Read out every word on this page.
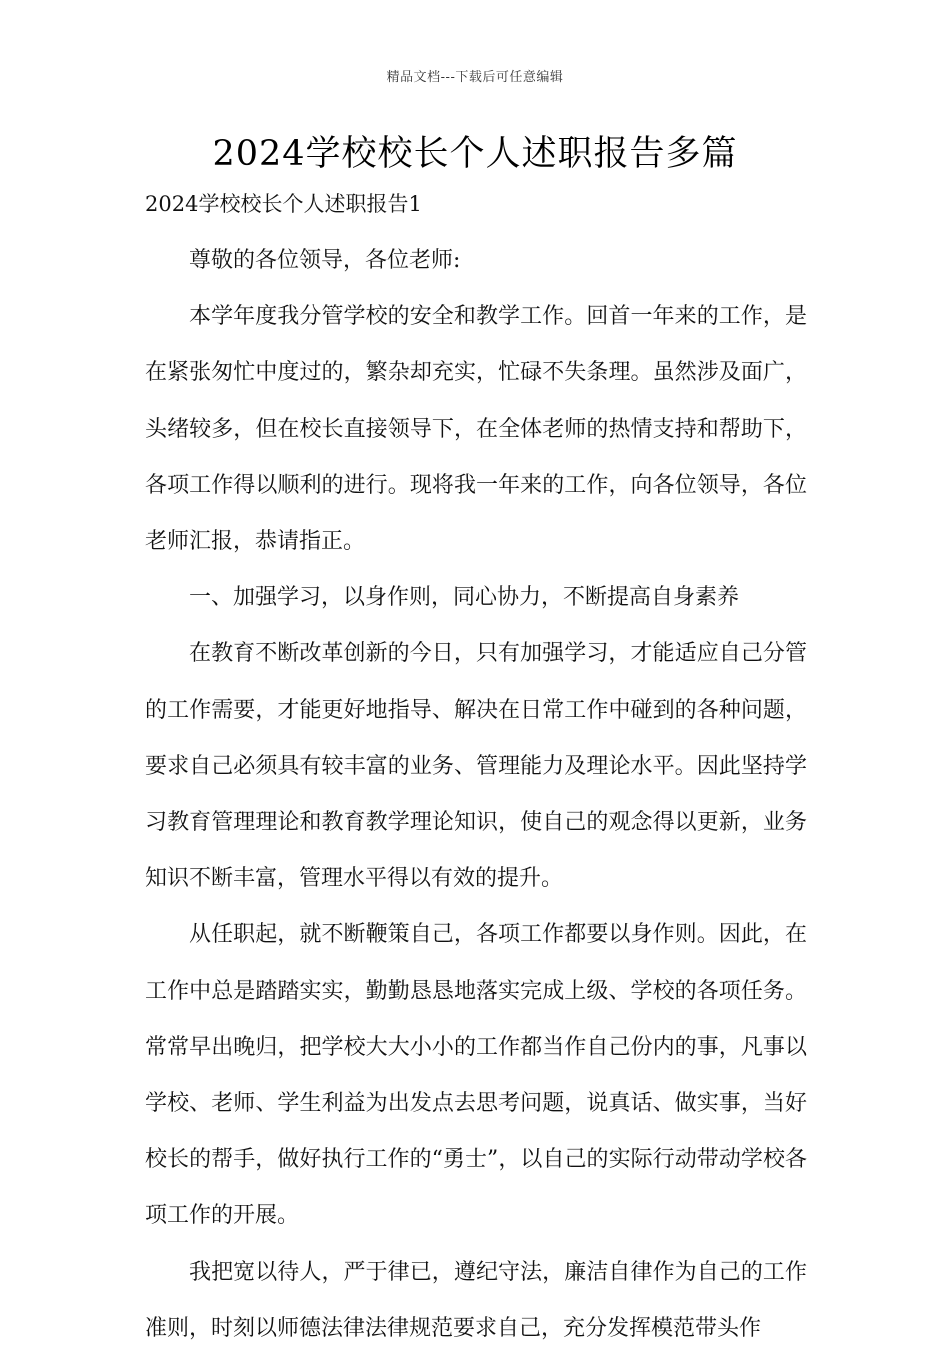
精品文档---下载后可任意编辑
2024学校校长个人述职报告多篇
2024学校校长个人述职报告1

尊敬的各位领导，各位老师:

本学年度我分管学校的安全和教学工作。回首一年来的工作，是在紧张匆忙中度过的，繁杂却充实，忙碌不失条理。虽然涉及面广，头绪较多，但在校长直接领导下，在全体老师的热情支持和帮助下，各项工作得以顺利的进行。现将我一年来的工作，向各位领导，各位老师汇报，恭请指正。

一、加强学习，以身作则，同心协力，不断提高自身素养

在教育不断改革创新的今日，只有加强学习，才能适应自己分管的工作需要，才能更好地指导、解决在日常工作中碰到的各种问题，要求自己必须具有较丰富的业务、管理能力及理论水平。因此坚持学习教育管理理论和教育教学理论知识，使自己的观念得以更新，业务知识不断丰富，管理水平得以有效的提升。

从任职起，就不断鞭策自己，各项工作都要以身作则。因此，在工作中总是踏踏实实，勤勤恳恳地落实完成上级、学校的各项任务。常常早出晚归，把学校大大小小的工作都当作自己份内的事，凡事以学校、老师、学生利益为出发点去思考问题，说真话、做实事，当好校长的帮手，做好执行工作的“勇士”，以自己的实际行动带动学校各项工作的开展。

我把宽以待人，严于律已，遵纪守法，廉洁自律作为自己的工作准则，时刻以师德法律法律规范要求自己，充分发挥模范带头作
